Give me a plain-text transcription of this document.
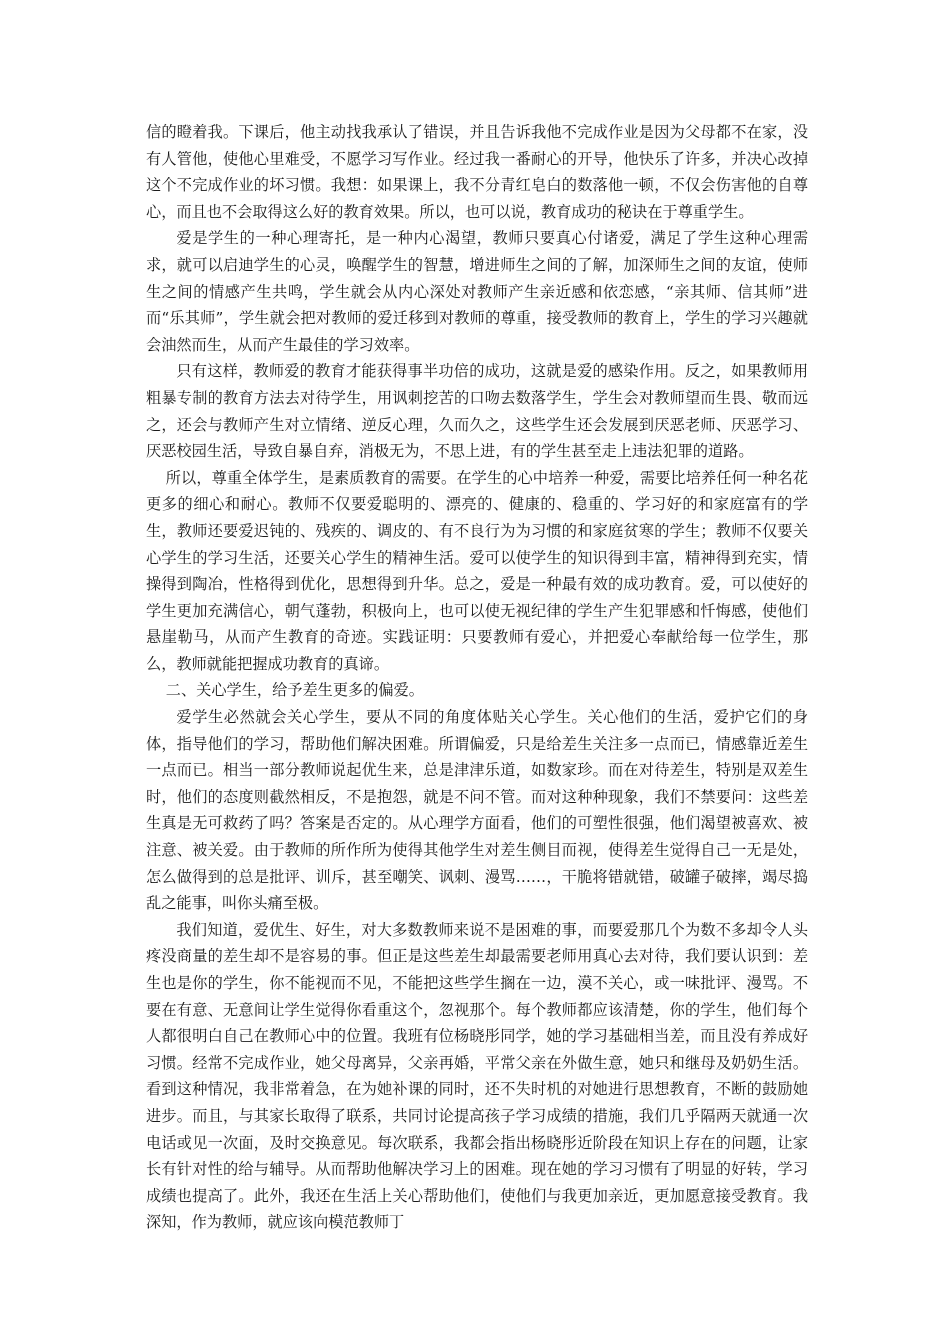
信的瞪着我。下课后，他主动找我承认了错误，并且告诉我他不完成作业是因为父母都不在家，没有人管他，使他心里难受，不愿学习写作业。经过我一番耐心的开导，他快乐了许多，并决心改掉这个不完成作业的坏习惯。我想：如果课上，我不分青红皂白的数落他一顿，不仅会伤害他的自尊心，而且也不会取得这么好的教育效果。所以，也可以说，教育成功的秘诀在于尊重学生。

爱是学生的一种心理寄托，是一种内心渴望，教师只要真心付诸爱，满足了学生这种心理需求，就可以启迪学生的心灵，唤醒学生的智慧，增进师生之间的了解，加深师生之间的友谊，使师生之间的情感产生共鸣，学生就会从内心深处对教师产生亲近感和依恋感，“亲其师、信其师”进而“乐其师”，学生就会把对教师的爱迁移到对教师的尊重，接受教师的教育上，学生的学习兴趣就会油然而生，从而产生最佳的学习效率。

只有这样，教师爱的教育才能获得事半功倍的成功，这就是爱的感染作用。反之，如果教师用粗暴专制的教育方法去对待学生，用讽刺挖苦的口吻去数落学生，学生会对教师望而生畏、敬而远之，还会与教师产生对立情绪、逆反心理，久而久之，这些学生还会发展到厌恶老师、厌恶学习、厌恶校园生活，导致自暴自弃，消极无为，不思上进，有的学生甚至走上违法犯罪的道路。

所以，尊重全体学生，是素质教育的需要。在学生的心中培养一种爱，需要比培养任何一种名花更多的细心和耐心。教师不仅要爱聪明的、漂亮的、健康的、稳重的、学习好的和家庭富有的学生，教师还要爱迟钝的、残疾的、调皮的、有不良行为为习惯的和家庭贫寒的学生；教师不仅要关心学生的学习生活，还要关心学生的精神生活。爱可以使学生的知识得到丰富，精神得到充实，情操得到陶冶，性格得到优化，思想得到升华。总之，爱是一种最有效的成功教育。爱，可以使好的学生更加充满信心，朝气蓬勃，积极向上，也可以使无视纪律的学生产生犯罪感和忏悔感，使他们悬崖勒马，从而产生教育的奇迹。实践证明：只要教师有爱心，并把爱心奉献给每一位学生，那么，教师就能把握成功教育的真谛。

二、关心学生，给予差生更多的偏爱。

爱学生必然就会关心学生，要从不同的角度体贴关心学生。关心他们的生活，爱护它们的身体，指导他们的学习，帮助他们解决困难。所谓偏爱，只是给差生关注多一点而已，情感靠近差生一点而已。相当一部分教师说起优生来，总是津津乐道，如数家珍。而在对待差生，特别是双差生时，他们的态度则截然相反，不是抱怨，就是不问不管。而对这种种现象，我们不禁要问：这些差生真是无可救药了吗？答案是否定的。从心理学方面看，他们的可塑性很强，他们渴望被喜欢、被注意、被关爱。由于教师的所作所为使得其他学生对差生侧目而视，使得差生觉得自己一无是处，怎么做得到的总是批评、训斥，甚至嘲笑、讽刺、漫骂……，干脆将错就错，破罐子破摔，竭尽捣乱之能事，叫你头痛至极。

我们知道，爱优生、好生，对大多数教师来说不是困难的事，而要爱那几个为数不多却令人头疼没商量的差生却不是容易的事。但正是这些差生却最需要老师用真心去对待，我们要认识到：差生也是你的学生，你不能视而不见，不能把这些学生搁在一边，漠不关心，或一味批评、漫骂。不要在有意、无意间让学生觉得你看重这个，忽视那个。每个教师都应该清楚，你的学生，他们每个人都很明白自己在教师心中的位置。我班有位杨晓彤同学，她的学习基础相当差，而且没有养成好习惯。经常不完成作业，她父母离异，父亲再婚，平常父亲在外做生意，她只和继母及奶奶生活。看到这种情况，我非常着急，在为她补课的同时，还不失时机的对她进行思想教育，不断的鼓励她进步。而且，与其家长取得了联系，共同讨论提高孩子学习成绩的措施，我们几乎隔两天就通一次电话或见一次面，及时交换意见。每次联系，我都会指出杨晓彤近阶段在知识上存在的问题，让家长有针对性的给与辅导。从而帮助他解决学习上的困难。现在她的学习习惯有了明显的好转，学习成绩也提高了。此外，我还在生活上关心帮助他们，使他们与我更加亲近，更加愿意接受教育。我深知，作为教师，就应该向模范教师丁
